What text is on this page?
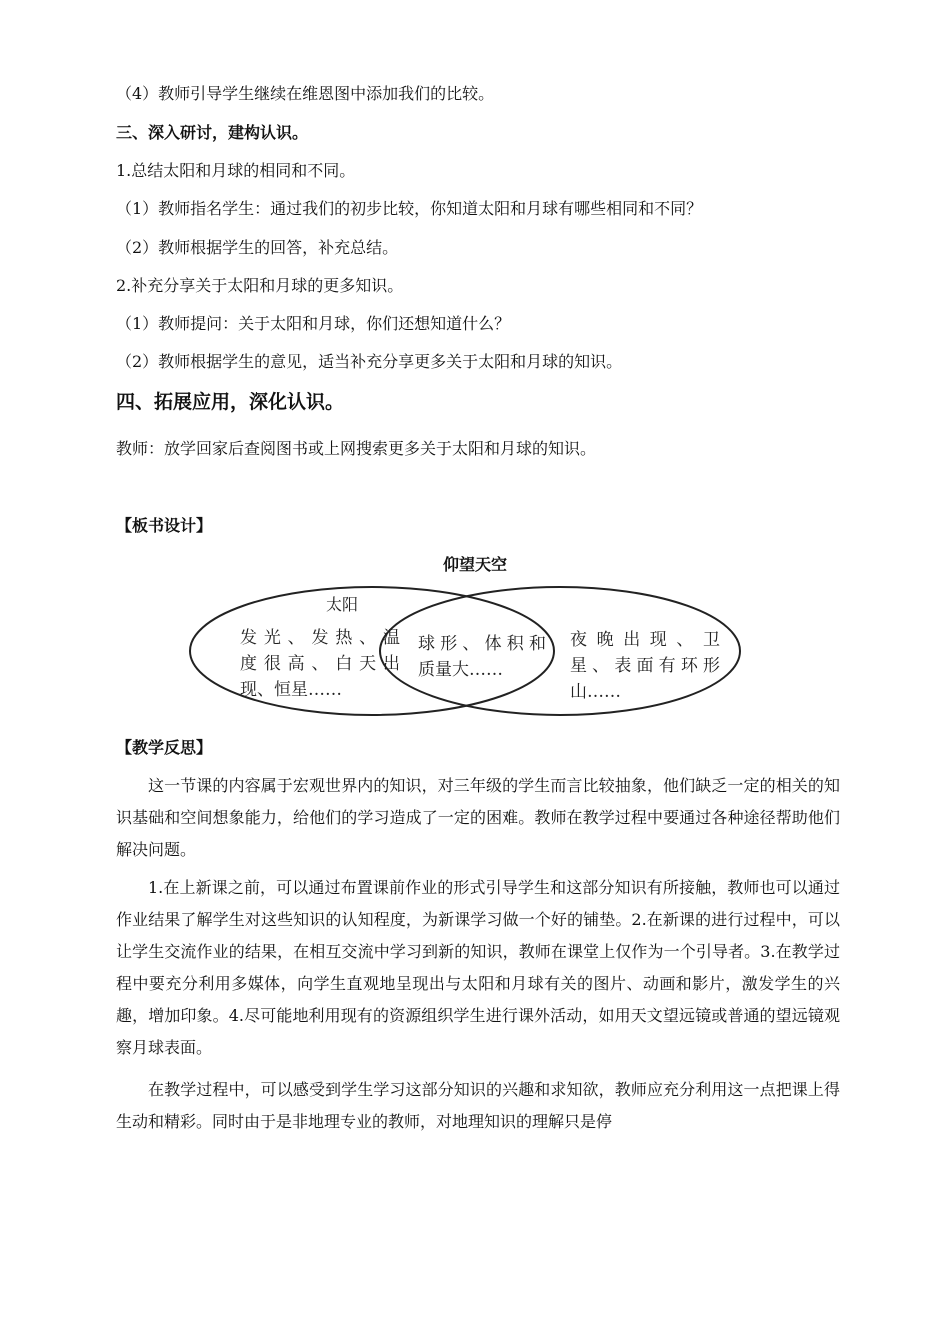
（4）教师引导学生继续在维恩图中添加我们的比较。
三、深入研讨，建构认识。
1.总结太阳和月球的相同和不同。
（1）教师指名学生：通过我们的初步比较，你知道太阳和月球有哪些相同和不同？
（2）教师根据学生的回答，补充总结。
2.补充分享关于太阳和月球的更多知识。
（1）教师提问：关于太阳和月球，你们还想知道什么？
（2）教师根据学生的意见，适当补充分享更多关于太阳和月球的知识。
四、拓展应用，深化认识。
教师：放学回家后查阅图书或上网搜索更多关于太阳和月球的知识。
【板书设计】
仰望天空
太阳
发光、发热、温
度很高、白天出
现、恒星……
球形、体积和
质量大……
夜晚出现、卫
星、表面有环形
山……
【教学反思】

这一节课的内容属于宏观世界内的知识，对三年级的学生而言比较抽象，他们缺乏一定的相关的知识基础和空间想象能力，给他们的学习造成了一定的困难。教师在教学过程中要通过各种途径帮助他们解决问题。

1.在上新课之前，可以通过布置课前作业的形式引导学生和这部分知识有所接触，教师也可以通过作业结果了解学生对这些知识的认知程度，为新课学习做一个好的铺垫。2.在新课的进行过程中，可以让学生交流作业的结果，在相互交流中学习到新的知识，教师在课堂上仅作为一个引导者。3.在教学过程中要充分利用多媒体，向学生直观地呈现出与太阳和月球有关的图片、动画和影片，激发学生的兴趣，增加印象。4.尽可能地利用现有的资源组织学生进行课外活动，如用天文望远镜或普通的望远镜观察月球表面。

在教学过程中，可以感受到学生学习这部分知识的兴趣和求知欲，教师应充分利用这一点把课上得生动和精彩。同时由于是非地理专业的教师，对地理知识的理解只是停
